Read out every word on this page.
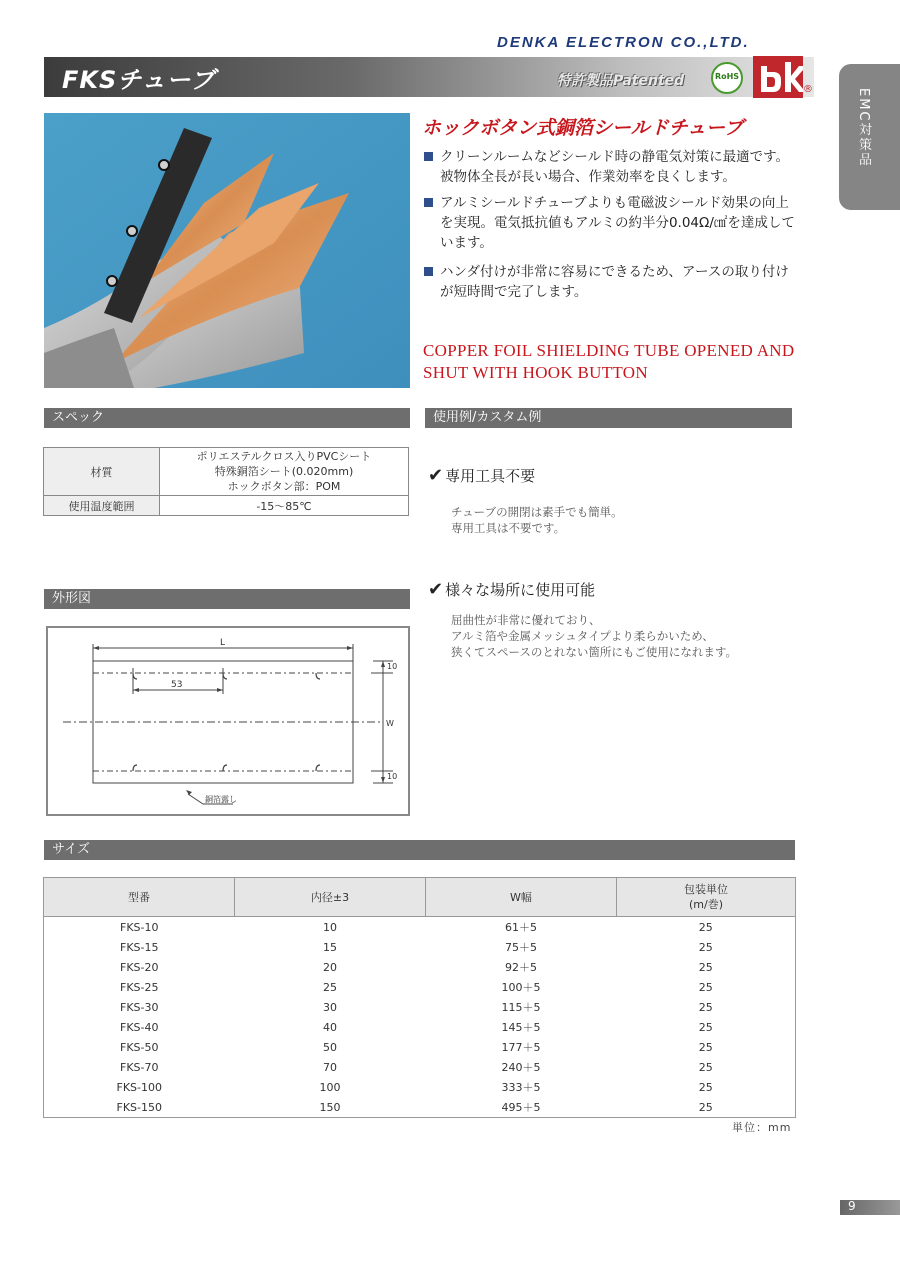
DENKA ELECTRON CO.,LTD.
FKSチューブ	特許製品Patented	RoHS
®	EMC対策品
ホックボタン式銅箔シールドチューブ
クリーンルームなどシールド時の静電気対策に最適です。被物体全長が長い場合、作業効率を良くします。
アルミシールドチューブよりも電磁波シールド効果の向上を実現。電気抵抗値もアルミの約半分0.04Ω/㎠を達成しています。
ハンダ付けが非常に容易にできるため、アースの取り付けが短時間で完了します。
COPPER FOIL SHIELDING TUBE OPENED AND SHUT WITH HOOK BUTTON
スペック
材質	ポリエステルクロス入りPVCシート
特殊銅箔シート(0.020mm)
ホックボタン部：POM

使用温度範囲	-15～85℃
使用例/カスタム例
✔ 専用工具不要
チューブの開閉は素手でも簡単。
専用工具は不要です。
✔ 様々な場所に使用可能
屈曲性が非常に優れており、
アルミ箔や金属メッシュタイプより柔らかいため、
狭くてスペースのとれない箇所にもご使用になれます。
外形図
L
53
10
10
W
銅箔露し
サイズ
型番	内径±3	W幅	包装単位
(m/巻)

FKS-10	10	61＋5	25
FKS-15	15	75＋5	25
FKS-20	20	92＋5	25
FKS-25	25	100＋5	25
FKS-30	30	115＋5	25
FKS-40	40	145＋5	25
FKS-50	50	177＋5	25
FKS-70	70	240＋5	25
FKS-100	100	333＋5	25
FKS-150	150	495＋5	25
単位：mm
9
